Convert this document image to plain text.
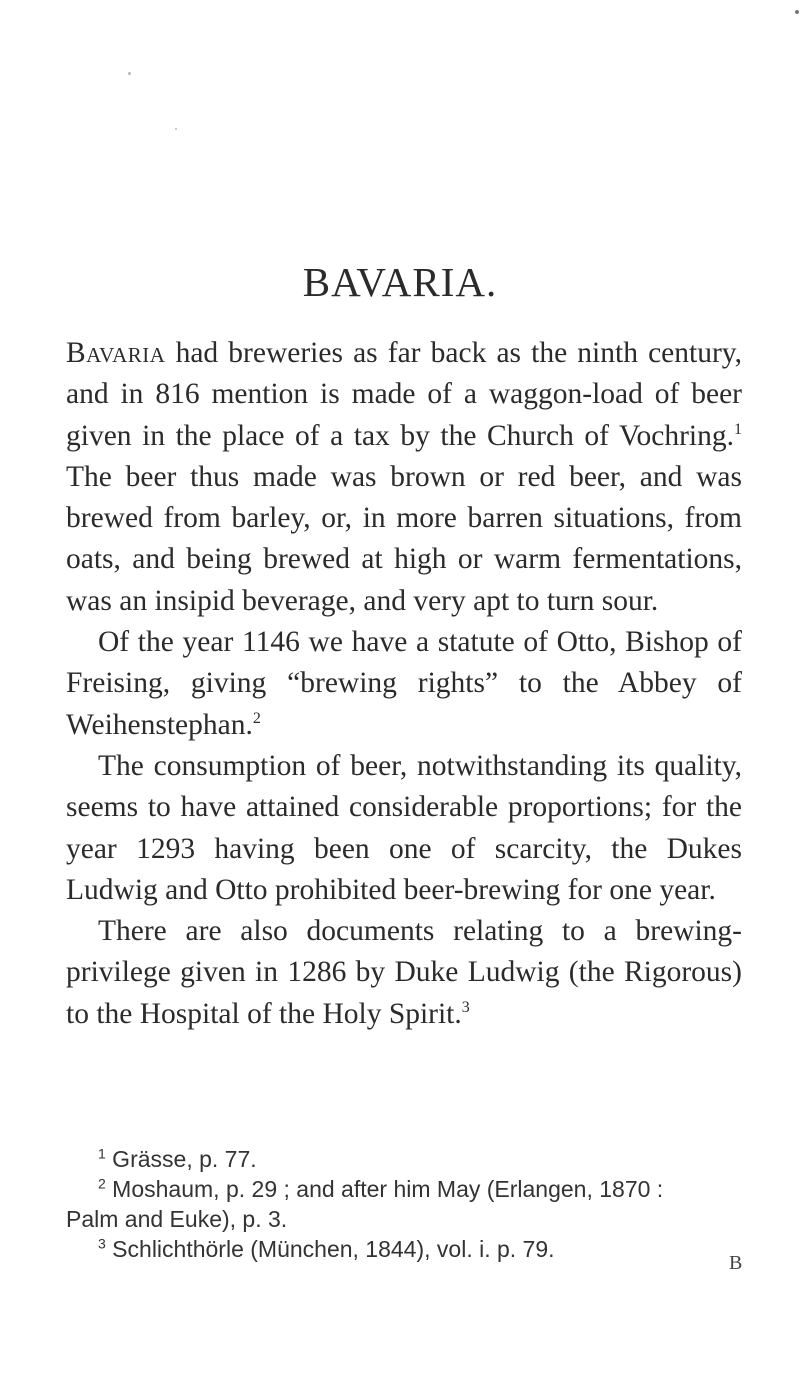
BAVARIA.

Bavaria had breweries as far back as the ninth century, and in 816 mention is made of a waggon-load of beer given in the place of a tax by the Church of Vochring.$^1$ The beer thus made was brown or red beer, and was brewed from barley, or, in more barren situations, from oats, and being brewed at high or warm fermentations, was an insipid beverage, and very apt to turn sour.

Of the year 1146 we have a statute of Otto, Bishop of Freising, giving “brewing rights” to the Abbey of Weihenstephan.$^2$

The consumption of beer, notwithstanding its quality, seems to have attained considerable proportions; for the year 1293 having been one of scarcity, the Dukes Ludwig and Otto prohibited beer-brewing for one year.

There are also documents relating to a brewing-privilege given in 1286 by Duke Ludwig (the Rigorous) to the Hospital of the Holy Spirit.$^3$

$^1$ Grässe, p. 77.

$^2$ Moshaum, p. 29 ; and after him May (Erlangen, 1870 :

Palm and Euke), p. 3.

$^3$ Schlichthörle (München, 1844), vol. i. p. 79.

B
